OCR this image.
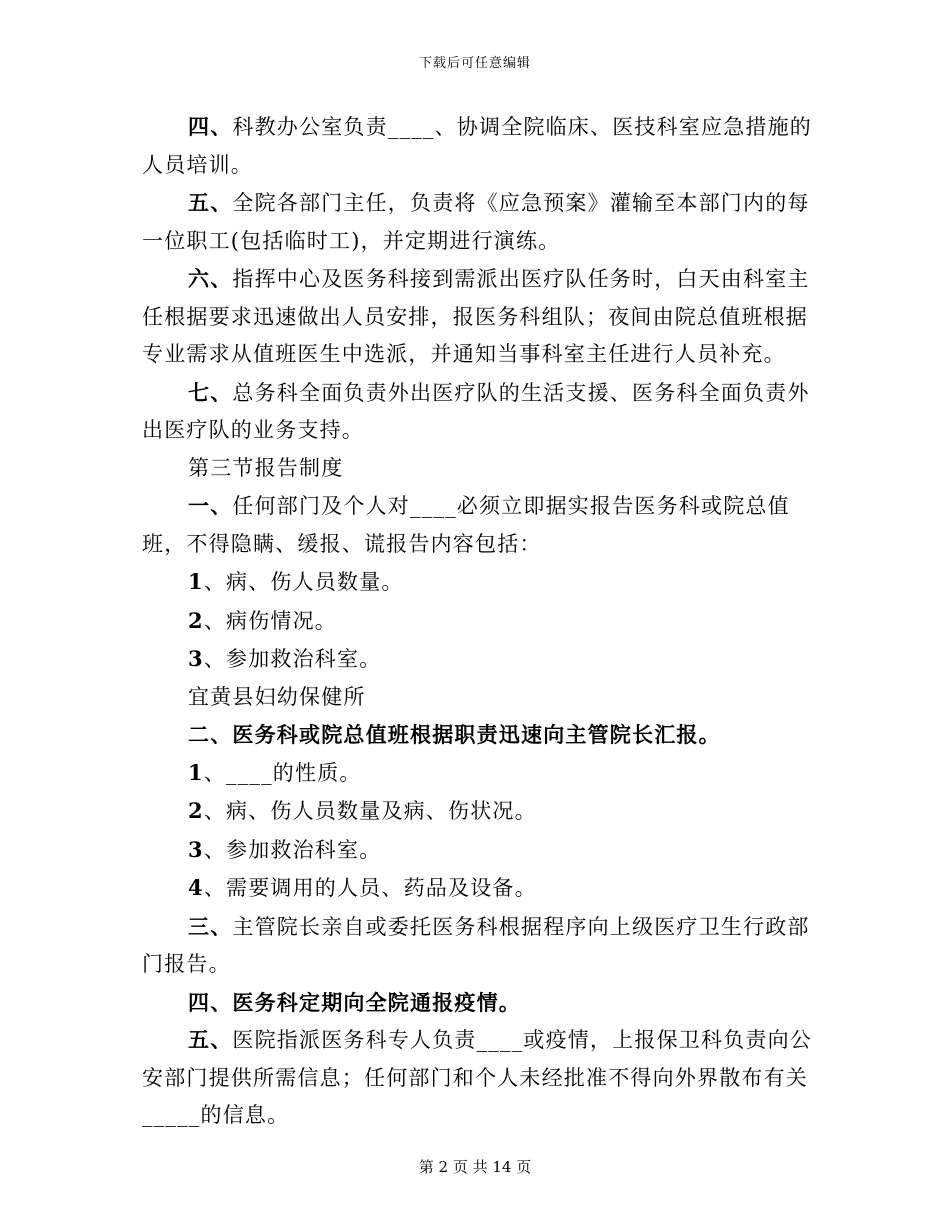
下载后可任意编辑

四、科教办公室负责____、协调全院临床、医技科室应急措施的人员培训。

五、全院各部门主任，负责将《应急预案》灌输至本部门内的每一位职工(包括临时工)，并定期进行演练。

六、指挥中心及医务科接到需派出医疗队任务时，白天由科室主任根据要求迅速做出人员安排，报医务科组队；夜间由院总值班根据专业需求从值班医生中选派，并通知当事科室主任进行人员补充。

七、总务科全面负责外出医疗队的生活支援、医务科全面负责外出医疗队的业务支持。

第三节报告制度

一、任何部门及个人对____必须立即据实报告医务科或院总值班，不得隐瞒、缓报、谎报告内容包括：

1、病、伤人员数量。

2、病伤情况。

3、参加救治科室。

宜黄县妇幼保健所

二、医务科或院总值班根据职责迅速向主管院长汇报。

1、____的性质。

2、病、伤人员数量及病、伤状况。

3、参加救治科室。

4、需要调用的人员、药品及设备。

三、主管院长亲自或委托医务科根据程序向上级医疗卫生行政部门报告。

四、医务科定期向全院通报疫情。

五、医院指派医务科专人负责____或疫情，上报保卫科负责向公安部门提供所需信息；任何部门和个人未经批准不得向外界散布有关_____的信息。

第 2 页 共 14 页
